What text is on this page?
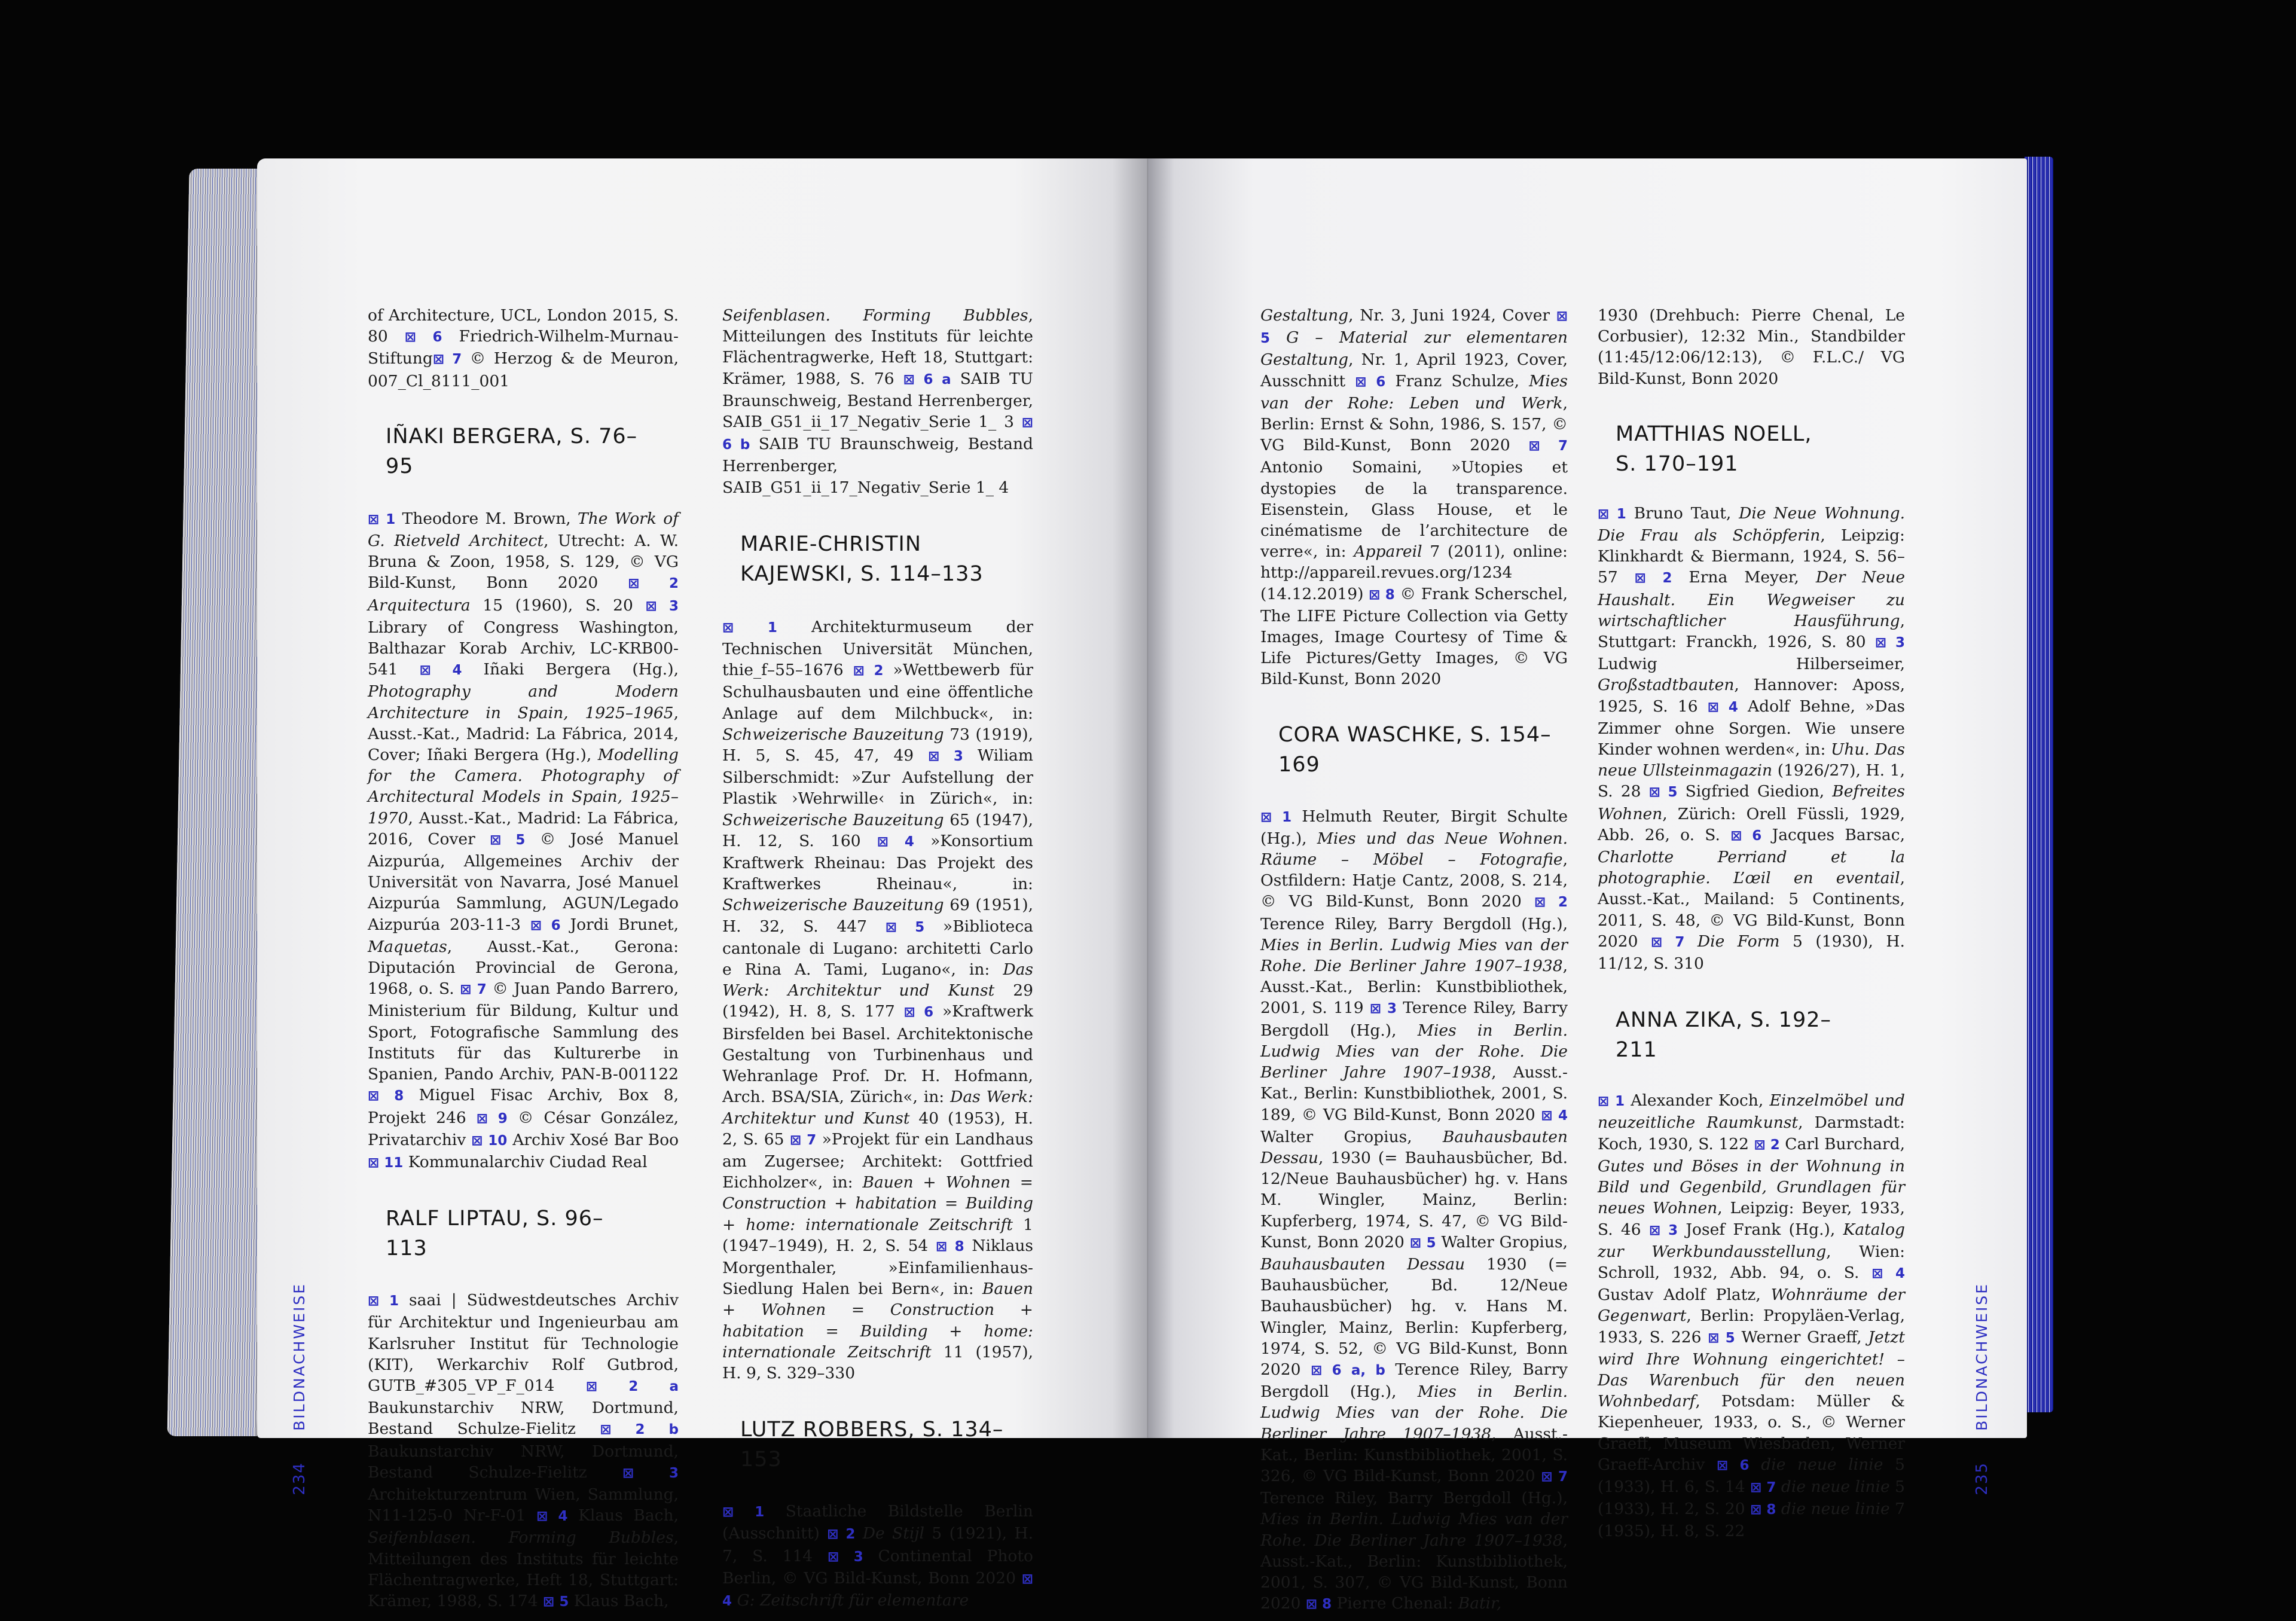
of Architecture, UCL, London 2015, S. 80 ⊠ 6 Friedrich-Wilhelm-Murnau-Stiftung⊠ 7 © Herzog & de Meuron, 007_Cl_8111_001

IÑAKI BERGERA, S. 76–95

⊠ 1 Theodore M. Brown, The Work of G. Rietveld Architect, Utrecht: A. W. Bruna & Zoon, 1958, S. 129, © VG Bild-Kunst, Bonn 2020 ⊠ 2 Arquitectura 15 (1960), S. 20 ⊠ 3 Library of Congress Washington, Balthazar Korab Archiv, LC-KRB00-541 ⊠ 4 Iñaki Bergera (Hg.), Photography and Modern Architecture in Spain, 1925–1965, Ausst.-Kat., Madrid: La Fábrica, 2014, Cover; Iñaki Bergera (Hg.), Modelling for the Camera. Photography of Architectural Models in Spain, 1925–1970, Ausst.-Kat., Madrid: La Fábrica, 2016, Cover ⊠ 5 © José Manuel Aizpurúa, Allgemeines Archiv der Universität von Navarra, José Manuel Aizpurúa Sammlung, AGUN/Legado Aizpurúa 203-11-3 ⊠ 6 Jordi Brunet, Maquetas, Ausst.-Kat., Gerona: Diputación Provincial de Gerona, 1968, o. S. ⊠ 7 © Juan Pando Barrero, Ministerium für Bildung, Kultur und Sport, Fotografische Sammlung des Instituts für das Kulturerbe in Spanien, Pando Archiv, PAN-B-001122 ⊠ 8 Miguel Fisac Archiv, Box 8, Projekt 246 ⊠ 9 © César González, Privatarchiv ⊠ 10 Archiv Xosé Bar Boo ⊠ 11 Kommunalarchiv Ciudad Real

RALF LIPTAU, S. 96–113

⊠ 1 saai | Südwestdeutsches Archiv für Architektur und Ingenieurbau am Karlsruher Institut für Technologie (KIT), Werkarchiv Rolf Gutbrod, GUTB_#305_VP_F_014 ⊠ 2 a Baukunstarchiv NRW, Dortmund, Bestand Schulze-Fielitz ⊠ 2 b Baukunstarchiv NRW, Dortmund, Bestand Schulze-Fielitz ⊠ 3 Architekturzentrum Wien, Sammlung, N11-125-0 Nr-F-01 ⊠ 4 Klaus Bach, Seifenblasen. Forming Bubbles, Mitteilungen des Instituts für leichte Flächentragwerke, Heft 18, Stuttgart: Krämer, 1988, S. 174 ⊠ 5 Klaus Bach,

Seifenblasen. Forming Bubbles, Mitteilungen des Instituts für leichte Flächentragwerke, Heft 18, Stuttgart: Krämer, 1988, S. 76 ⊠ 6 a SAIB TU Braunschweig, Bestand Herrenberger, SAIB_G51_ii_17_Negativ_Serie 1_ 3 ⊠ 6 b SAIB TU Braunschweig, Bestand Herrenberger, SAIB_G51_ii_17_Negativ_Serie 1_ 4

MARIE-CHRISTIN KAJEWSKI, S. 114–133

⊠ 1 Architekturmuseum der Technischen Universität München, thie_f–55–1676 ⊠ 2 »Wettbewerb für Schulhausbauten und eine öffentliche Anlage auf dem Milchbuck«, in: Schweizerische Bauzeitung 73 (1919), H. 5, S. 45, 47, 49 ⊠ 3 Wiliam Silberschmidt: »Zur Aufstellung der Plastik ›Wehrwille‹ in Zürich«, in: Schweizerische Bauzeitung 65 (1947), H. 12, S. 160 ⊠ 4 »Konsortium Kraftwerk Rheinau: Das Projekt des Kraftwerkes Rheinau«, in: Schweizerische Bauzeitung 69 (1951), H. 32, S. 447 ⊠ 5 »Biblioteca cantonale di Lugano: architetti Carlo e Rina A. Tami, Lugano«, in: Das Werk: Architektur und Kunst 29 (1942), H. 8, S. 177 ⊠ 6 »Kraftwerk Birsfelden bei Basel. Architektonische Gestaltung von Turbinenhaus und Wehranlage Prof. Dr. H. Hofmann, Arch. BSA/SIA, Zürich«, in: Das Werk: Architektur und Kunst 40 (1953), H. 2, S. 65 ⊠ 7 »Projekt für ein Landhaus am Zugersee; Architekt: Gottfried Eichholzer«, in: Bauen + Wohnen = Construction + habitation = Building + home: internationale Zeitschrift 1 (1947–1949), H. 2, S. 54 ⊠ 8 Niklaus Morgenthaler, »Einfamilienhaus-Siedlung Halen bei Bern«, in: Bauen + Wohnen = Construction + habitation = Building + home: internationale Zeitschrift 11 (1957), H. 9, S. 329–330

LUTZ ROBBERS, S. 134–153

⊠ 1 Staatliche Bildstelle Berlin (Ausschnitt) ⊠ 2 De Stijl 5 (1921), H. 7, S. 114 ⊠ 3 Continental Photo Berlin, © VG Bild-Kunst, Bonn 2020 ⊠ 4 G: Zeitschrift für elementare

BILDNACHWEISE
234

Gestaltung, Nr. 3, Juni 1924, Cover ⊠ 5 G – Material zur elementaren Gestaltung, Nr. 1, April 1923, Cover, Ausschnitt ⊠ 6 Franz Schulze, Mies van der Rohe: Leben und Werk, Berlin: Ernst & Sohn, 1986, S. 157, © VG Bild-Kunst, Bonn 2020 ⊠ 7 Antonio Somaini, »Utopies et dystopies de la transparence. Eisenstein, Glass House, et le cinématisme de l’architecture de verre«, in: Appareil 7 (2011), online: http://appareil.revues.org/1234 (14.12.2019) ⊠ 8 © Frank Scherschel, The LIFE Picture Collection via Getty Images, Image Courtesy of Time & Life Pictures/Getty Images, © VG Bild-Kunst, Bonn 2020

CORA WASCHKE, S. 154–169

⊠ 1 Helmuth Reuter, Birgit Schulte (Hg.), Mies und das Neue Wohnen. Räume – Möbel – Fotografie, Ostfildern: Hatje Cantz, 2008, S. 214, © VG Bild-Kunst, Bonn 2020 ⊠ 2 Terence Riley, Barry Bergdoll (Hg.), Mies in Berlin. Ludwig Mies van der Rohe. Die Berliner Jahre 1907–1938, Ausst.-Kat., Berlin: Kunstbibliothek, 2001, S. 119 ⊠ 3 Terence Riley, Barry Bergdoll (Hg.), Mies in Berlin. Ludwig Mies van der Rohe. Die Berliner Jahre 1907–1938, Ausst.-Kat., Berlin: Kunstbibliothek, 2001, S. 189, © VG Bild-Kunst, Bonn 2020 ⊠ 4 Walter Gropius, Bauhausbauten Dessau, 1930 (= Bauhausbücher, Bd. 12/Neue Bauhausbücher) hg. v. Hans M. Wingler, Mainz, Berlin: Kupferberg, 1974, S. 47, © VG Bild-Kunst, Bonn 2020 ⊠ 5 Walter Gropius, Bauhausbauten Dessau 1930 (= Bauhausbücher, Bd. 12/Neue Bauhausbücher) hg. v. Hans M. Wingler, Mainz, Berlin: Kupferberg, 1974, S. 52, © VG Bild-Kunst, Bonn 2020 ⊠ 6 a, b Terence Riley, Barry Bergdoll (Hg.), Mies in Berlin. Ludwig Mies van der Rohe. Die Berliner Jahre 1907–1938, Ausst.-Kat., Berlin: Kunstbibliothek, 2001, S. 326, © VG Bild-Kunst, Bonn 2020 ⊠ 7 Terence Riley, Barry Bergdoll (Hg.), Mies in Berlin. Ludwig Mies van der Rohe. Die Berliner Jahre 1907–1938, Ausst.-Kat., Berlin: Kunstbibliothek, 2001, S. 307, © VG Bild-Kunst, Bonn 2020 ⊠ 8 Pierre Chenal: Batir,

1930 (Drehbuch: Pierre Chenal, Le Corbusier), 12:32 Min., Standbilder (11:45/12:06/12:13), © F.L.C./ VG Bild-Kunst, Bonn 2020

MATTHIAS NOELL, S. 170–191

⊠ 1 Bruno Taut, Die Neue Wohnung. Die Frau als Schöpferin, Leipzig: Klinkhardt & Biermann, 1924, S. 56–57 ⊠ 2 Erna Meyer, Der Neue Haushalt. Ein Wegweiser zu wirtschaftlicher Hausführung, Stuttgart: Franckh, 1926, S. 80 ⊠ 3 Ludwig Hilberseimer, Großstadtbauten, Hannover: Aposs, 1925, S. 16 ⊠ 4 Adolf Behne, »Das Zimmer ohne Sorgen. Wie unsere Kinder wohnen werden«, in: Uhu. Das neue Ullsteinmagazin (1926/27), H. 1, S. 28 ⊠ 5 Sigfried Giedion, Befreites Wohnen, Zürich: Orell Füssli, 1929, Abb. 26, o. S. ⊠ 6 Jacques Barsac, Charlotte Perriand et la photographie. L’œil en eventail, Ausst.-Kat., Mailand: 5 Continents, 2011, S. 48, © VG Bild-Kunst, Bonn 2020 ⊠ 7 Die Form 5 (1930), H. 11/12, S. 310

ANNA ZIKA, S. 192–211

⊠ 1 Alexander Koch, Einzelmöbel und neuzeitliche Raumkunst, Darmstadt: Koch, 1930, S. 122 ⊠ 2 Carl Burchard, Gutes und Böses in der Wohnung in Bild und Gegenbild, Grundlagen für neues Wohnen, Leipzig: Beyer, 1933, S. 46 ⊠ 3 Josef Frank (Hg.), Katalog zur Werkbundausstellung, Wien: Schroll, 1932, Abb. 94, o. S. ⊠ 4 Gustav Adolf Platz, Wohnräume der Gegenwart, Berlin: Propyläen-Verlag, 1933, S. 226 ⊠ 5 Werner Graeff, Jetzt wird Ihre Wohnung eingerichtet! – Das Warenbuch für den neuen Wohnbedarf, Potsdam: Müller & Kiepenheuer, 1933, o. S., © Werner Graeff, Museum Wiesbaden, Werner Graeff-Archiv ⊠ 6 die neue linie 5 (1933), H. 6, S. 14 ⊠ 7 die neue linie 5 (1933), H. 2, S. 20 ⊠ 8 die neue linie 7 (1935), H. 8, S. 22

BILDNACHWEISE
235
